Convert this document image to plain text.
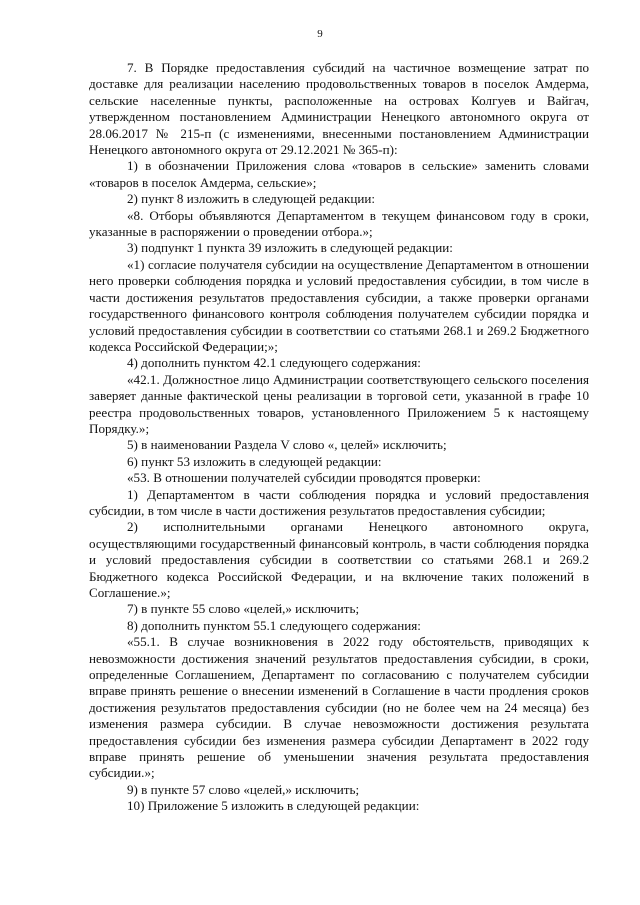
9

7. В Порядке предоставления субсидий на частичное возмещение затрат по доставке для реализации населению продовольственных товаров в поселок Амдерма, сельские населенные пункты, расположенные на островах Колгуев и Вайгач, утвержденном постановлением Администрации Ненецкого автономного округа от 28.06.2017 № 215-п (с изменениями, внесенными постановлением Администрации Ненецкого автономного округа от 29.12.2021 № 365-п):

1) в обозначении Приложения слова «товаров в сельские» заменить словами «товаров в поселок Амдерма, сельские»;

2) пункт 8 изложить в следующей редакции:

«8. Отборы объявляются Департаментом в текущем финансовом году в сроки, указанные в распоряжении о проведении отбора.»;

3) подпункт 1 пункта 39 изложить в следующей редакции:

«1) согласие получателя субсидии на осуществление Департаментом в отношении него проверки соблюдения порядка и условий предоставления субсидии, в том числе в части достижения результатов предоставления субсидии, а также проверки органами государственного финансового контроля соблюдения получателем субсидии порядка и условий предоставления субсидии в соответствии со статьями 268.1 и 269.2 Бюджетного кодекса Российской Федерации;»;

4) дополнить пунктом 42.1 следующего содержания:

«42.1. Должностное лицо Администрации соответствующего сельского поселения заверяет данные фактической цены реализации в торговой сети, указанной в графе 10 реестра продовольственных товаров, установленного Приложением 5 к настоящему Порядку.»;

5) в наименовании Раздела V слово «, целей» исключить;

6) пункт 53 изложить в следующей редакции:

«53. В отношении получателей субсидии проводятся проверки:

1) Департаментом в части соблюдения порядка и условий предоставления субсидии, в том числе в части достижения результатов предоставления субсидии;

2) исполнительными органами Ненецкого автономного округа, осуществляющими государственный финансовый контроль, в части соблюдения порядка и условий предоставления субсидии в соответствии со статьями 268.1 и 269.2 Бюджетного кодекса Российской Федерации, и на включение таких положений в Соглашение.»;

7) в пункте 55 слово «целей,» исключить;

8) дополнить пунктом 55.1 следующего содержания:

«55.1. В случае возникновения в 2022 году обстоятельств, приводящих к невозможности достижения значений результатов предоставления субсидии, в сроки, определенные Соглашением, Департамент по согласованию с получателем субсидии вправе принять решение о внесении изменений в Соглашение в части продления сроков достижения результатов предоставления субсидии (но не более чем на 24 месяца) без изменения размера субсидии. В случае невозможности достижения результата предоставления субсидии без изменения размера субсидии Департамент в 2022 году вправе принять решение об уменьшении значения результата предоставления субсидии.»;

9) в пункте 57 слово «целей,» исключить;

10) Приложение 5 изложить в следующей редакции:
